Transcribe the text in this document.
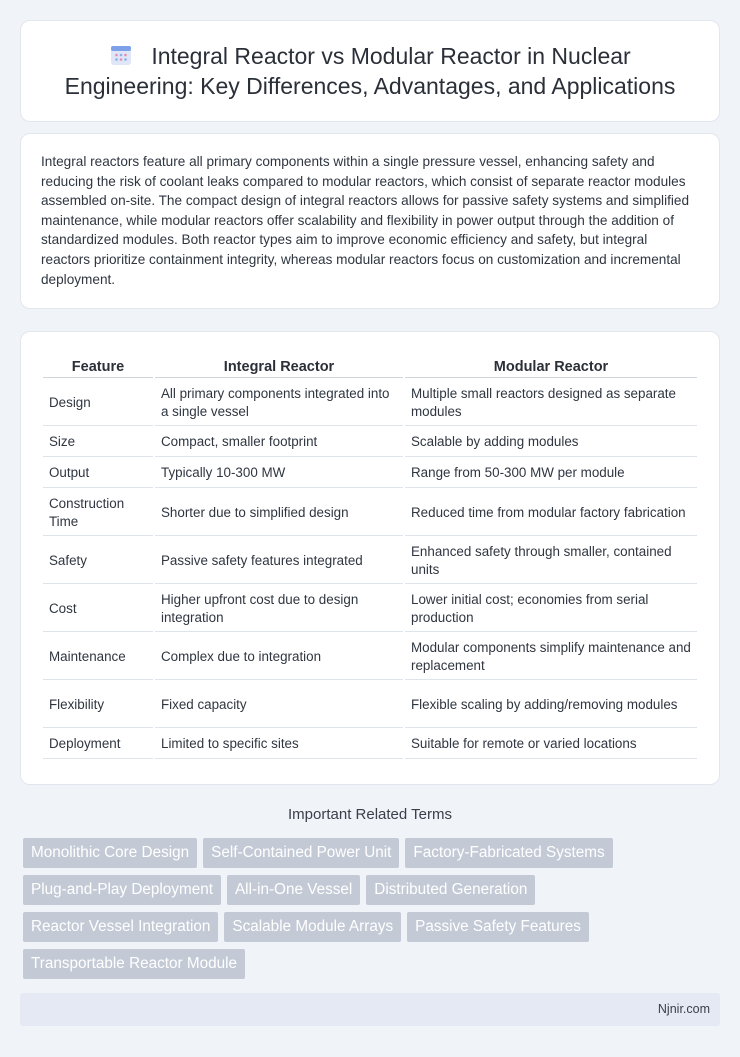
Integral Reactor vs Modular Reactor in Nuclear Engineering: Key Differences, Advantages, and Applications

Integral reactors feature all primary components within a single pressure vessel, enhancing safety and reducing the risk of coolant leaks compared to modular reactors, which consist of separate reactor modules assembled on-site. The compact design of integral reactors allows for passive safety systems and simplified maintenance, while modular reactors offer scalability and flexibility in power output through the addition of standardized modules. Both reactor types aim to improve economic efficiency and safety, but integral reactors prioritize containment integrity, whereas modular reactors focus on customization and incremental deployment.

Feature	Integral Reactor	Modular Reactor
Design	All primary components integrated into a single vessel	Multiple small reactors designed as separate modules
Size	Compact, smaller footprint	Scalable by adding modules
Output	Typically 10-300 MW	Range from 50-300 MW per module
Construction Time	Shorter due to simplified design	Reduced time from modular factory fabrication
Safety	Passive safety features integrated	Enhanced safety through smaller, contained units
Cost	Higher upfront cost due to design integration	Lower initial cost; economies from serial production
Maintenance	Complex due to integration	Modular components simplify maintenance and replacement
Flexibility	Fixed capacity	Flexible scaling by adding/removing modules
Deployment	Limited to specific sites	Suitable for remote or varied locations
Important Related Terms
Monolithic Core Design	Self-Contained Power Unit	Factory-Fabricated Systems
Plug-and-Play Deployment	All-in-One Vessel	Distributed Generation
Reactor Vessel Integration	Scalable Module Arrays	Passive Safety Features
Transportable Reactor Module
Njnir.com
